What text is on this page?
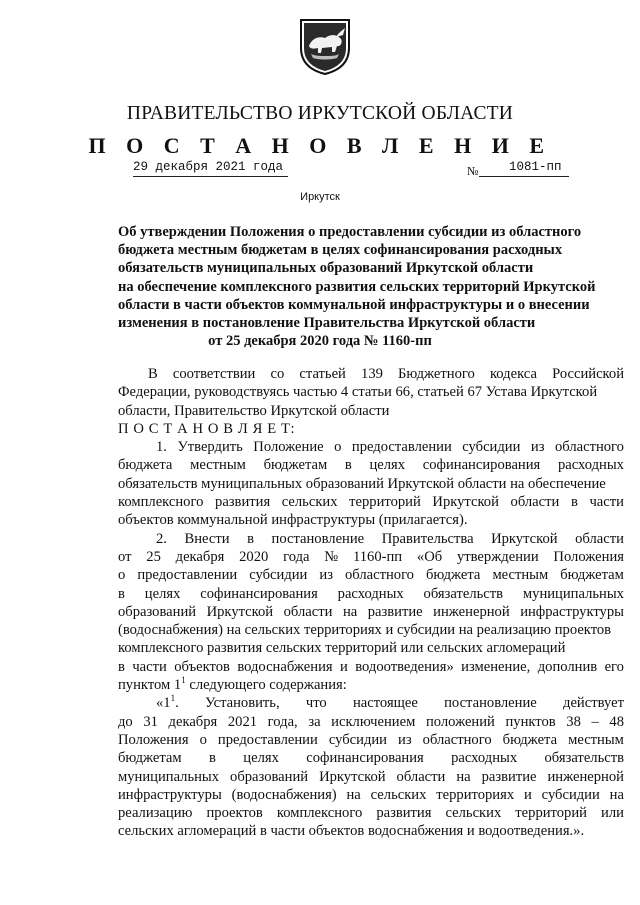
ПРАВИТЕЛЬСТВО ИРКУТСКОЙ ОБЛАСТИ
П О С Т А Н О В Л Е Н И Е
29 декабря 2021 года	№	1081-пп
Иркутск
Об утверждении Положения о предоставлении субсидии из областного
бюджета местным бюджетам в целях софинансирования расходных
обязательств муниципальных образований Иркутской области
на обеспечение комплексного развития сельских территорий Иркутской
области в части объектов коммунальной инфраструктуры и о внесении
изменения в постановление Правительства Иркутской области
от 25 декабря 2020 года № 1160-пп
В соответствии со статьей 139 Бюджетного кодекса Российской
Федерации, руководствуясь частью 4 статьи 66, статьей 67 Устава Иркутской
области, Правительство Иркутской области
П О С Т А Н О В Л Я Е Т:
1. Утвердить Положение о предоставлении субсидии из областного
бюджета местным бюджетам в целях софинансирования расходных
обязательств муниципальных образований Иркутской области на обеспечение
комплексного развития сельских территорий Иркутской области в части
объектов коммунальной инфраструктуры (прилагается).
2. Внести в постановление Правительства Иркутской области
от 25 декабря 2020 года № 1160-пп «Об утверждении Положения
о предоставлении субсидии из областного бюджета местным бюджетам
в целях софинансирования расходных обязательств муниципальных
образований Иркутской области на развитие инженерной инфраструктуры
(водоснабжения) на сельских территориях и субсидии на реализацию проектов
комплексного развития сельских территорий или сельских агломераций
в части объектов водоснабжения и водоотведения» изменение, дополнив его
пунктом $1^1$ следующего содержания:
«$1^1$. Установить, что настоящее постановление действует
до 31 декабря 2021 года, за исключением положений пунктов 38 – 48
Положения о предоставлении субсидии из областного бюджета местным
бюджетам в целях софинансирования расходных обязательств
муниципальных образований Иркутской области на развитие инженерной
инфраструктуры (водоснабжения) на сельских территориях и субсидии на
реализацию проектов комплексного развития сельских территорий или
сельских агломераций в части объектов водоснабжения и водоотведения.».
